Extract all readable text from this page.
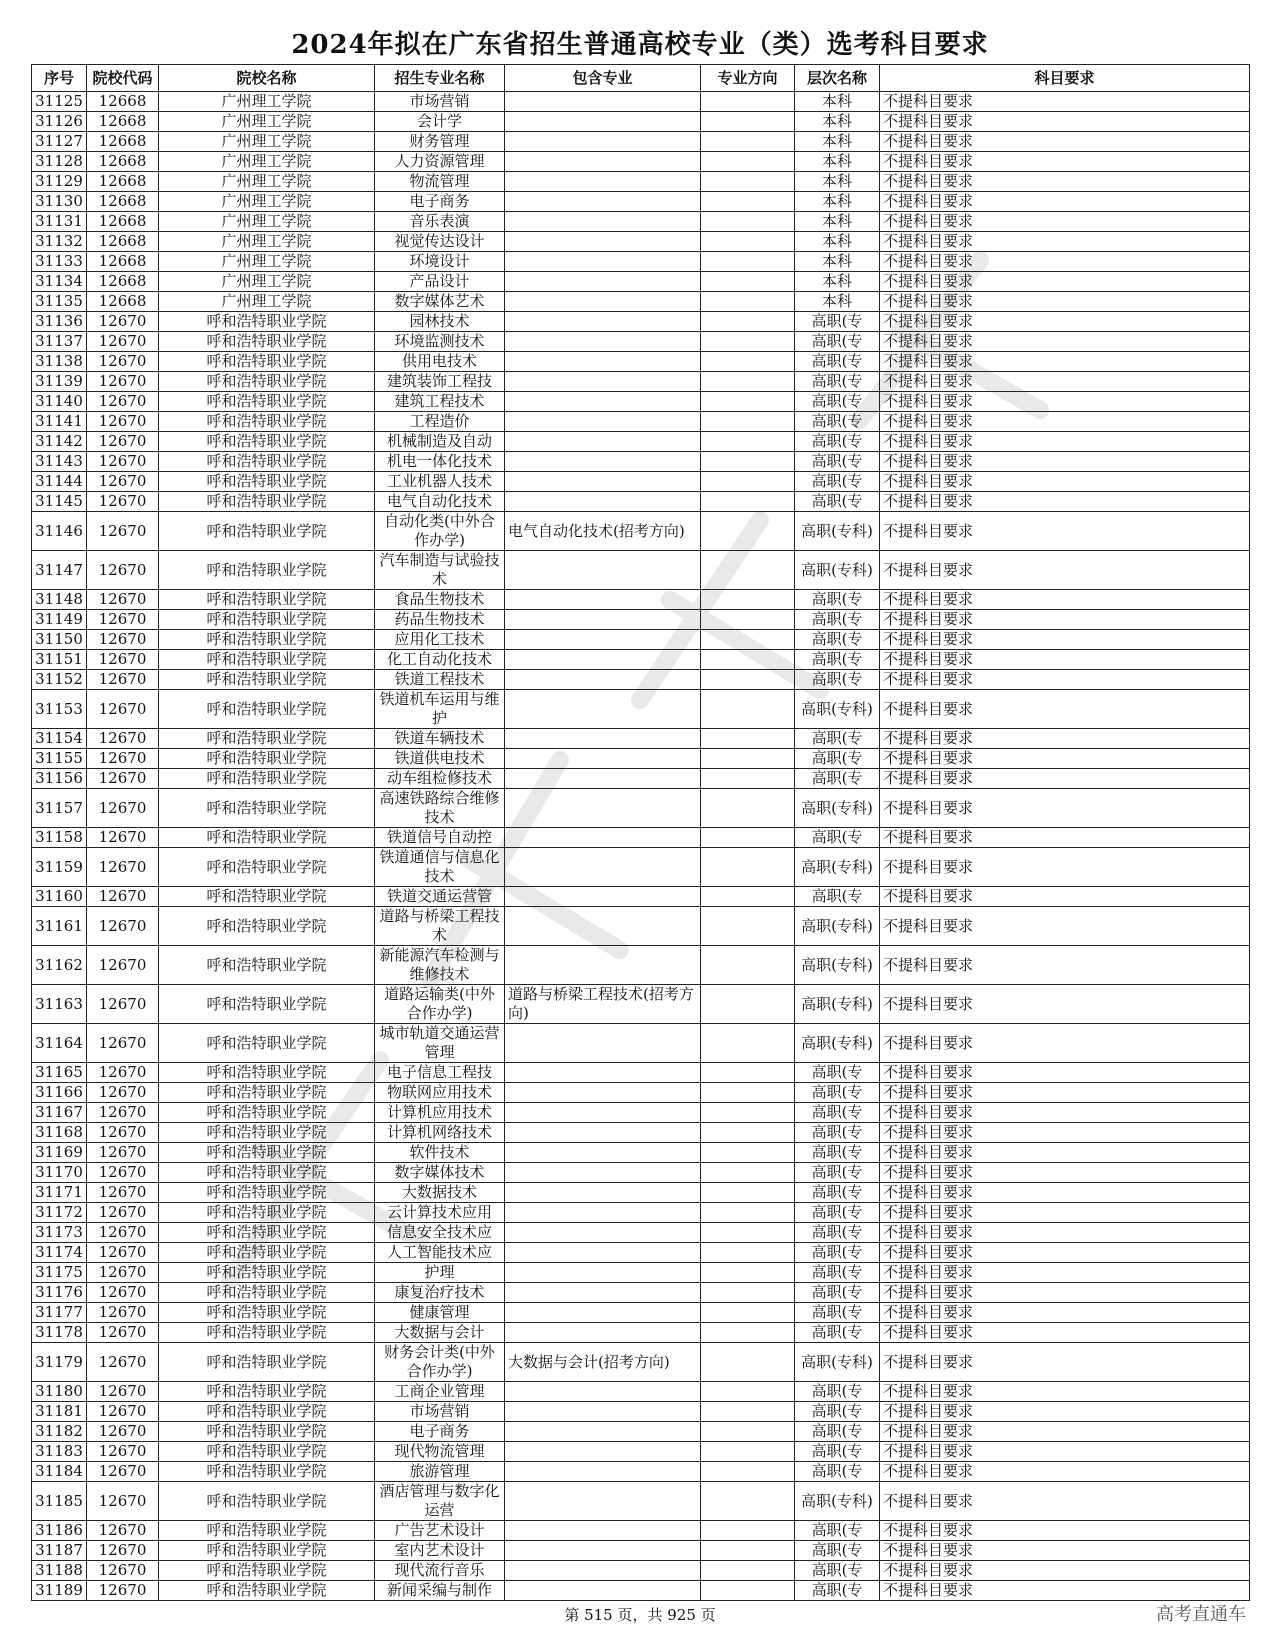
2024年拟在广东省招生普通高校专业（类）选考科目要求
序号	院校代码	院校名称	招生专业名称	包含专业	专业方向	层次名称	科目要求
31125	12668	广州理工学院	市场营销			本科	不提科目要求
31126	12668	广州理工学院	会计学			本科	不提科目要求
31127	12668	广州理工学院	财务管理			本科	不提科目要求
31128	12668	广州理工学院	人力资源管理			本科	不提科目要求
31129	12668	广州理工学院	物流管理			本科	不提科目要求
31130	12668	广州理工学院	电子商务			本科	不提科目要求
31131	12668	广州理工学院	音乐表演			本科	不提科目要求
31132	12668	广州理工学院	视觉传达设计			本科	不提科目要求
31133	12668	广州理工学院	环境设计			本科	不提科目要求
31134	12668	广州理工学院	产品设计			本科	不提科目要求
31135	12668	广州理工学院	数字媒体艺术			本科	不提科目要求
31136	12670	呼和浩特职业学院	园林技术			高职(专	不提科目要求
31137	12670	呼和浩特职业学院	环境监测技术			高职(专	不提科目要求
31138	12670	呼和浩特职业学院	供用电技术			高职(专	不提科目要求
31139	12670	呼和浩特职业学院	建筑装饰工程技			高职(专	不提科目要求
31140	12670	呼和浩特职业学院	建筑工程技术			高职(专	不提科目要求
31141	12670	呼和浩特职业学院	工程造价			高职(专	不提科目要求
31142	12670	呼和浩特职业学院	机械制造及自动			高职(专	不提科目要求
31143	12670	呼和浩特职业学院	机电一体化技术			高职(专	不提科目要求
31144	12670	呼和浩特职业学院	工业机器人技术			高职(专	不提科目要求
31145	12670	呼和浩特职业学院	电气自动化技术			高职(专	不提科目要求
31146	12670	呼和浩特职业学院	自动化类(中外合作办学)	电气自动化技术(招考方向)		高职(专科)	不提科目要求
31147	12670	呼和浩特职业学院	汽车制造与试验技术			高职(专科)	不提科目要求
31148	12670	呼和浩特职业学院	食品生物技术			高职(专	不提科目要求
31149	12670	呼和浩特职业学院	药品生物技术			高职(专	不提科目要求
31150	12670	呼和浩特职业学院	应用化工技术			高职(专	不提科目要求
31151	12670	呼和浩特职业学院	化工自动化技术			高职(专	不提科目要求
31152	12670	呼和浩特职业学院	铁道工程技术			高职(专	不提科目要求
31153	12670	呼和浩特职业学院	铁道机车运用与维护			高职(专科)	不提科目要求
31154	12670	呼和浩特职业学院	铁道车辆技术			高职(专	不提科目要求
31155	12670	呼和浩特职业学院	铁道供电技术			高职(专	不提科目要求
31156	12670	呼和浩特职业学院	动车组检修技术			高职(专	不提科目要求
31157	12670	呼和浩特职业学院	高速铁路综合维修技术			高职(专科)	不提科目要求
31158	12670	呼和浩特职业学院	铁道信号自动控			高职(专	不提科目要求
31159	12670	呼和浩特职业学院	铁道通信与信息化技术			高职(专科)	不提科目要求
31160	12670	呼和浩特职业学院	铁道交通运营管			高职(专	不提科目要求
31161	12670	呼和浩特职业学院	道路与桥梁工程技术			高职(专科)	不提科目要求
31162	12670	呼和浩特职业学院	新能源汽车检测与维修技术			高职(专科)	不提科目要求
31163	12670	呼和浩特职业学院	道路运输类(中外合作办学)	道路与桥梁工程技术(招考方向)		高职(专科)	不提科目要求
31164	12670	呼和浩特职业学院	城市轨道交通运营管理			高职(专科)	不提科目要求
31165	12670	呼和浩特职业学院	电子信息工程技			高职(专	不提科目要求
31166	12670	呼和浩特职业学院	物联网应用技术			高职(专	不提科目要求
31167	12670	呼和浩特职业学院	计算机应用技术			高职(专	不提科目要求
31168	12670	呼和浩特职业学院	计算机网络技术			高职(专	不提科目要求
31169	12670	呼和浩特职业学院	软件技术			高职(专	不提科目要求
31170	12670	呼和浩特职业学院	数字媒体技术			高职(专	不提科目要求
31171	12670	呼和浩特职业学院	大数据技术			高职(专	不提科目要求
31172	12670	呼和浩特职业学院	云计算技术应用			高职(专	不提科目要求
31173	12670	呼和浩特职业学院	信息安全技术应			高职(专	不提科目要求
31174	12670	呼和浩特职业学院	人工智能技术应			高职(专	不提科目要求
31175	12670	呼和浩特职业学院	护理			高职(专	不提科目要求
31176	12670	呼和浩特职业学院	康复治疗技术			高职(专	不提科目要求
31177	12670	呼和浩特职业学院	健康管理			高职(专	不提科目要求
31178	12670	呼和浩特职业学院	大数据与会计			高职(专	不提科目要求
31179	12670	呼和浩特职业学院	财务会计类(中外合作办学)	大数据与会计(招考方向)		高职(专科)	不提科目要求
31180	12670	呼和浩特职业学院	工商企业管理			高职(专	不提科目要求
31181	12670	呼和浩特职业学院	市场营销			高职(专	不提科目要求
31182	12670	呼和浩特职业学院	电子商务			高职(专	不提科目要求
31183	12670	呼和浩特职业学院	现代物流管理			高职(专	不提科目要求
31184	12670	呼和浩特职业学院	旅游管理			高职(专	不提科目要求
31185	12670	呼和浩特职业学院	酒店管理与数字化运营			高职(专科)	不提科目要求
31186	12670	呼和浩特职业学院	广告艺术设计			高职(专	不提科目要求
31187	12670	呼和浩特职业学院	室内艺术设计			高职(专	不提科目要求
31188	12670	呼和浩特职业学院	现代流行音乐			高职(专	不提科目要求
31189	12670	呼和浩特职业学院	新闻采编与制作			高职(专	不提科目要求
第 515 页，共 925 页	高考直通车
